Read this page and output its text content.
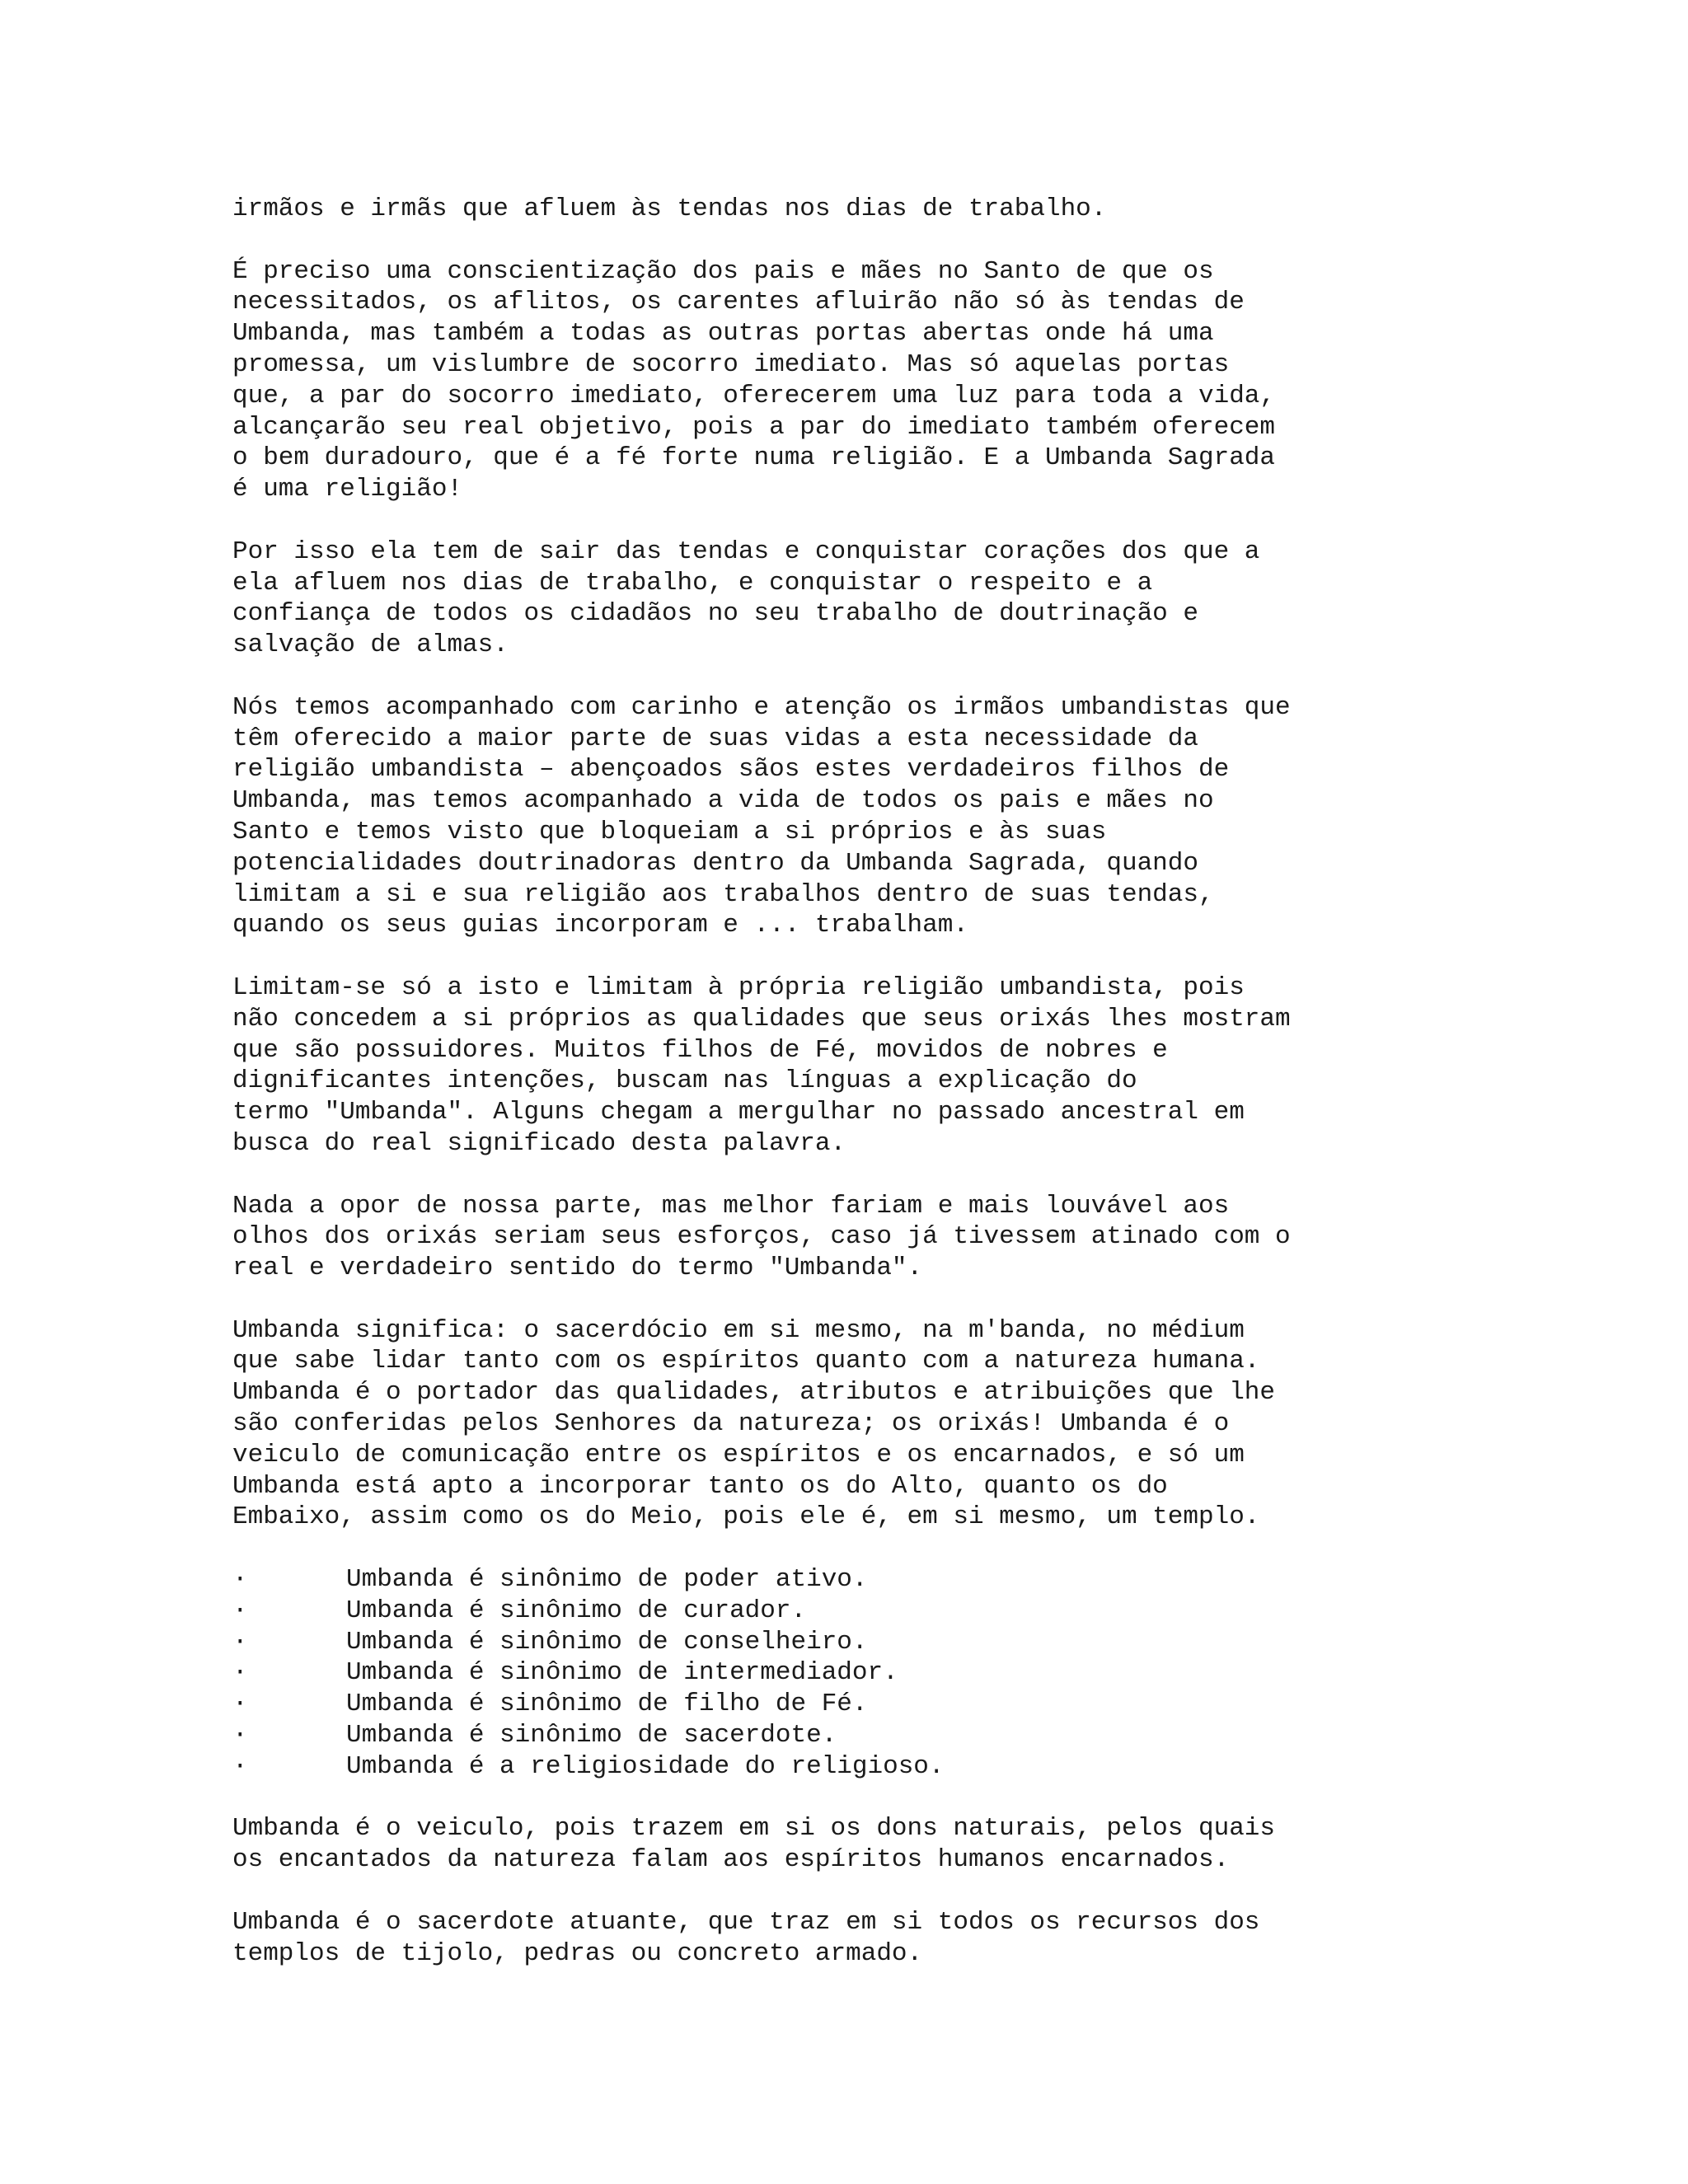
irmãos e irmãs que afluem às tendas nos dias de trabalho.
É preciso uma conscientização dos pais e mães no Santo de que os
necessitados, os aflitos, os carentes afluirão não só às tendas de
Umbanda, mas também a todas as outras portas abertas onde há uma
promessa, um vislumbre de socorro imediato. Mas só aquelas portas
que, a par do socorro imediato, oferecerem uma luz para toda a vida,
alcançarão seu real objetivo, pois a par do imediato também oferecem
o bem duradouro, que é a fé forte numa religião. E a Umbanda Sagrada
é uma religião!
Por isso ela tem de sair das tendas e conquistar corações dos que a
ela afluem nos dias de trabalho, e conquistar o respeito e a
confiança de todos os cidadãos no seu trabalho de doutrinação e
salvação de almas.
Nós temos acompanhado com carinho e atenção os irmãos umbandistas que
têm oferecido a maior parte de suas vidas a esta necessidade da
religião umbandista – abençoados sãos estes verdadeiros filhos de
Umbanda, mas temos acompanhado a vida de todos os pais e mães no
Santo e temos visto que bloqueiam a si próprios e às suas
potencialidades doutrinadoras dentro da Umbanda Sagrada, quando
limitam a si e sua religião aos trabalhos dentro de suas tendas,
quando os seus guias incorporam e ... trabalham.
Limitam-se só a isto e limitam à própria religião umbandista, pois
não concedem a si próprios as qualidades que seus orixás lhes mostram
que são possuidores. Muitos filhos de Fé, movidos de nobres e
dignificantes intenções, buscam nas línguas a explicação do
termo "Umbanda". Alguns chegam a mergulhar no passado ancestral em
busca do real significado desta palavra.
Nada a opor de nossa parte, mas melhor fariam e mais louvável aos
olhos dos orixás seriam seus esforços, caso já tivessem atinado com o
real e verdadeiro sentido do termo "Umbanda".
Umbanda significa: o sacerdócio em si mesmo, na m'banda, no médium
que sabe lidar tanto com os espíritos quanto com a natureza humana.
Umbanda é o portador das qualidades, atributos e atribuições que lhe
são conferidas pelos Senhores da natureza; os orixás! Umbanda é o
veiculo de comunicação entre os espíritos e os encarnados, e só um
Umbanda está apto a incorporar tanto os do Alto, quanto os do
Embaixo, assim como os do Meio, pois ele é, em si mesmo, um templo.
·	Umbanda é sinônimo de poder ativo.
·	Umbanda é sinônimo de curador.
·	Umbanda é sinônimo de conselheiro.
·	Umbanda é sinônimo de intermediador.
·	Umbanda é sinônimo de filho de Fé.
·	Umbanda é sinônimo de sacerdote.
·	Umbanda é a religiosidade do religioso.
Umbanda é o veiculo, pois trazem em si os dons naturais, pelos quais
os encantados da natureza falam aos espíritos humanos encarnados.
Umbanda é o sacerdote atuante, que traz em si todos os recursos dos
templos de tijolo, pedras ou concreto armado.
